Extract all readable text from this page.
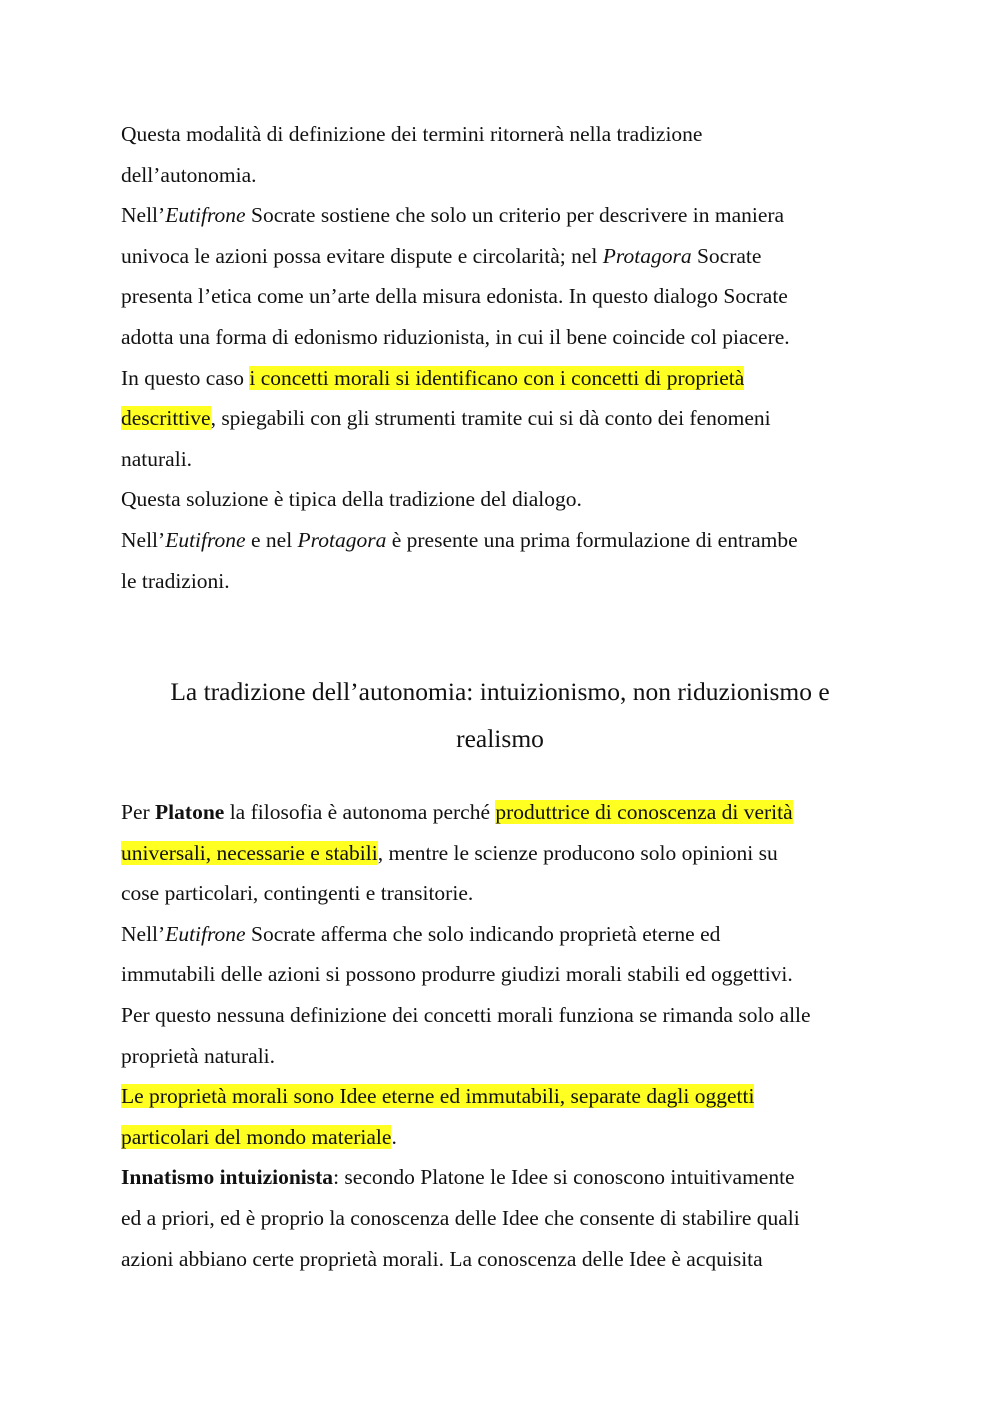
Questa modalità di definizione dei termini ritornerà nella tradizione
dell’autonomia.
Nell’Eutifrone Socrate sostiene che solo un criterio per descrivere in maniera
univoca le azioni possa evitare dispute e circolarità; nel Protagora Socrate
presenta l’etica come un’arte della misura edonista. In questo dialogo Socrate
adotta una forma di edonismo riduzionista, in cui il bene coincide col piacere.
In questo caso i concetti morali si identificano con i concetti di proprietà
descrittive, spiegabili con gli strumenti tramite cui si dà conto dei fenomeni
naturali.
Questa soluzione è tipica della tradizione del dialogo.
Nell’Eutifrone e nel Protagora è presente una prima formulazione di entrambe
le tradizioni.
La tradizione dell’autonomia: intuizionismo, non riduzionismo e
realismo
Per Platone la filosofia è autonoma perché produttrice di conoscenza di verità
universali, necessarie e stabili, mentre le scienze producono solo opinioni su
cose particolari, contingenti e transitorie.
Nell’Eutifrone Socrate afferma che solo indicando proprietà eterne ed
immutabili delle azioni si possono produrre giudizi morali stabili ed oggettivi.
Per questo nessuna definizione dei concetti morali funziona se rimanda solo alle
proprietà naturali.
Le proprietà morali sono Idee eterne ed immutabili, separate dagli oggetti
particolari del mondo materiale.
Innatismo intuizionista: secondo Platone le Idee si conoscono intuitivamente
ed a priori, ed è proprio la conoscenza delle Idee che consente di stabilire quali
azioni abbiano certe proprietà morali. La conoscenza delle Idee è acquisita
